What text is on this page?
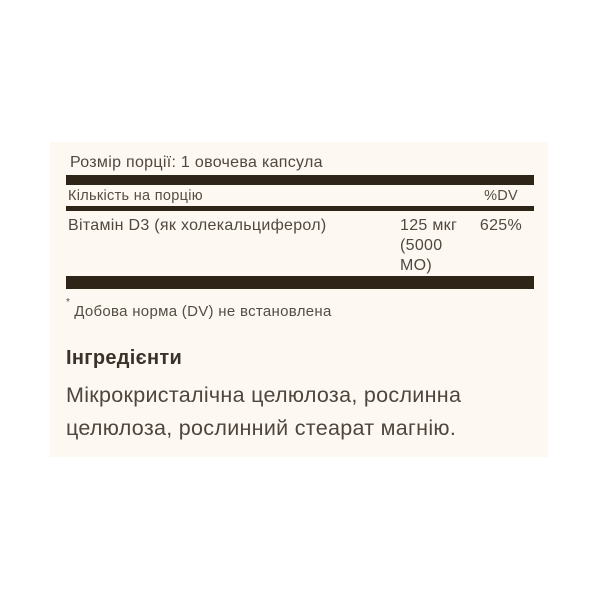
Розмір порції: 1 овочева капсула
Кількість на порцію	%DV
Вітамін D3 (як холекальциферол)	125 мкг (5000 МО)
625%
*Добова норма (DV) не встановлена
Інгредієнти

Мікрокристалічна целюлоза, рослинна целюлоза, рослинний стеарат магнію.
